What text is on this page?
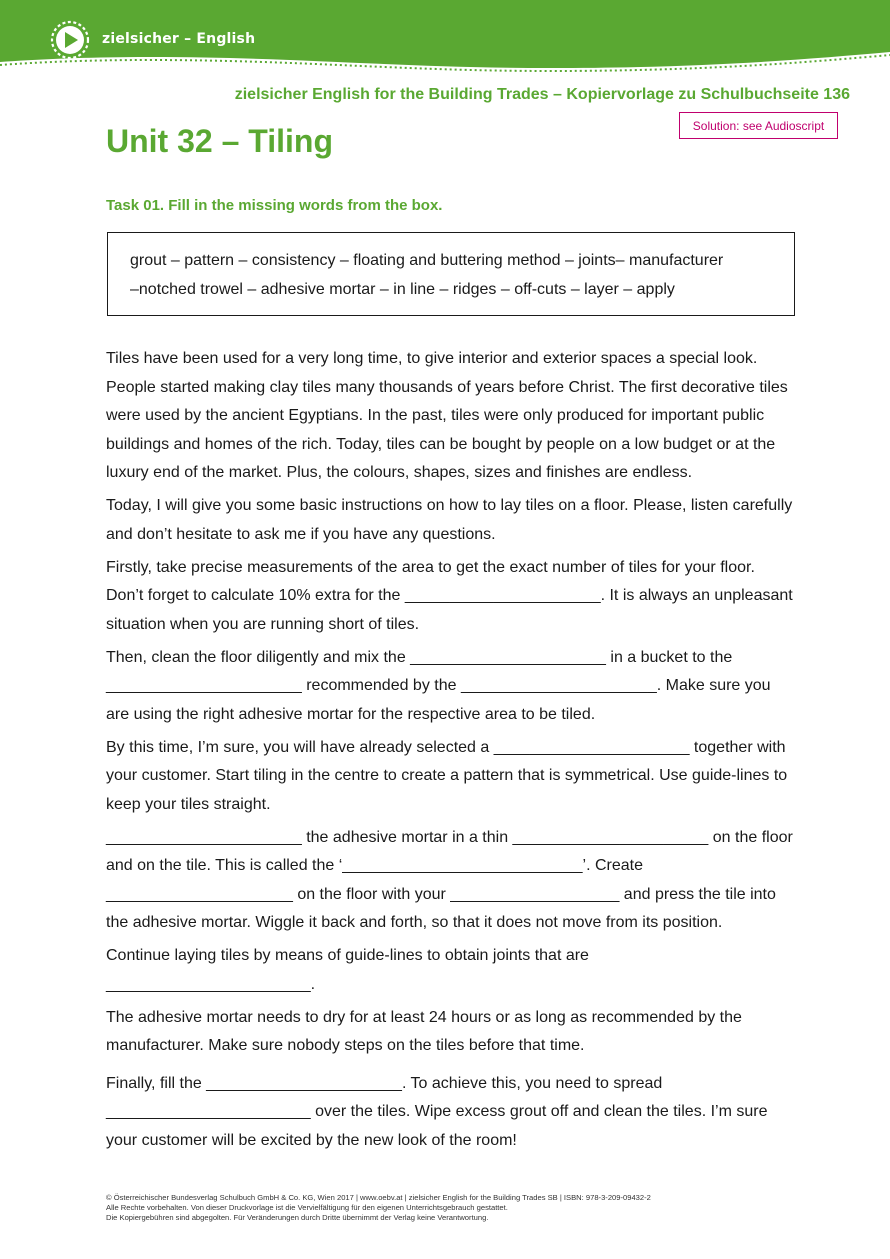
zielsicher – English
zielsicher English for the Building Trades – Kopiervorlage zu Schulbuchseite 136
Unit 32 – Tiling	Solution: see Audioscript
Task 01. Fill in the missing words from the box.
grout – pattern – consistency – floating and buttering method – joints– manufacturer
–notched trowel – adhesive mortar – in line – ridges – off-cuts – layer – apply

Tiles have been used for a very long time, to give interior and exterior spaces a special look. People started making clay tiles many thousands of years before Christ. The first decorative tiles were used by the ancient Egyptians. In the past, tiles were only produced for important public buildings and homes of the rich. Today, tiles can be bought by people on a low budget or at the luxury end of the market. Plus, the colours, shapes, sizes and finishes are endless.

Today, I will give you some basic instructions on how to lay tiles on a floor. Please, listen carefully and don’t hesitate to ask me if you have any questions.

Firstly, take precise measurements of the area to get the exact number of tiles for your floor. Don’t forget to calculate 10% extra for the ______________________. It is always an unpleasant situation when you are running short of tiles.

Then, clean the floor diligently and mix the ______________________ in a bucket to the ______________________ recommended by the ______________________. Make sure you are using the right adhesive mortar for the respective area to be tiled.

By this time, I’m sure, you will have already selected a ______________________ together with your customer. Start tiling in the centre to create a pattern that is symmetrical. Use guide-lines to keep your tiles straight.

______________________ the adhesive mortar in a thin ______________________ on the floor and on the tile. This is called the ‘___________________________’. Create _____________________ on the floor with your ___________________ and press the tile into the adhesive mortar. Wiggle it back and forth, so that it does not move from its position.

Continue laying tiles by means of guide-lines to obtain joints that are _______________________.

The adhesive mortar needs to dry for at least 24 hours or as long as recommended by the manufacturer. Make sure nobody steps on the tiles before that time.

Finally, fill the ______________________. To achieve this, you need to spread _______________________ over the tiles. Wipe excess grout off and clean the tiles. I’m sure your customer will be excited by the new look of the room!

© Österreichischer Bundesverlag Schulbuch GmbH & Co. KG, Wien 2017 | www.oebv.at | zielsicher English for the Building Trades SB | ISBN: 978-3-209-09432-2
Alle Rechte vorbehalten. Von dieser Druckvorlage ist die Vervielfältigung für den eigenen Unterrichtsgebrauch gestattet.
Die Kopiergebühren sind abgegolten. Für Veränderungen durch Dritte übernimmt der Verlag keine Verantwortung.
